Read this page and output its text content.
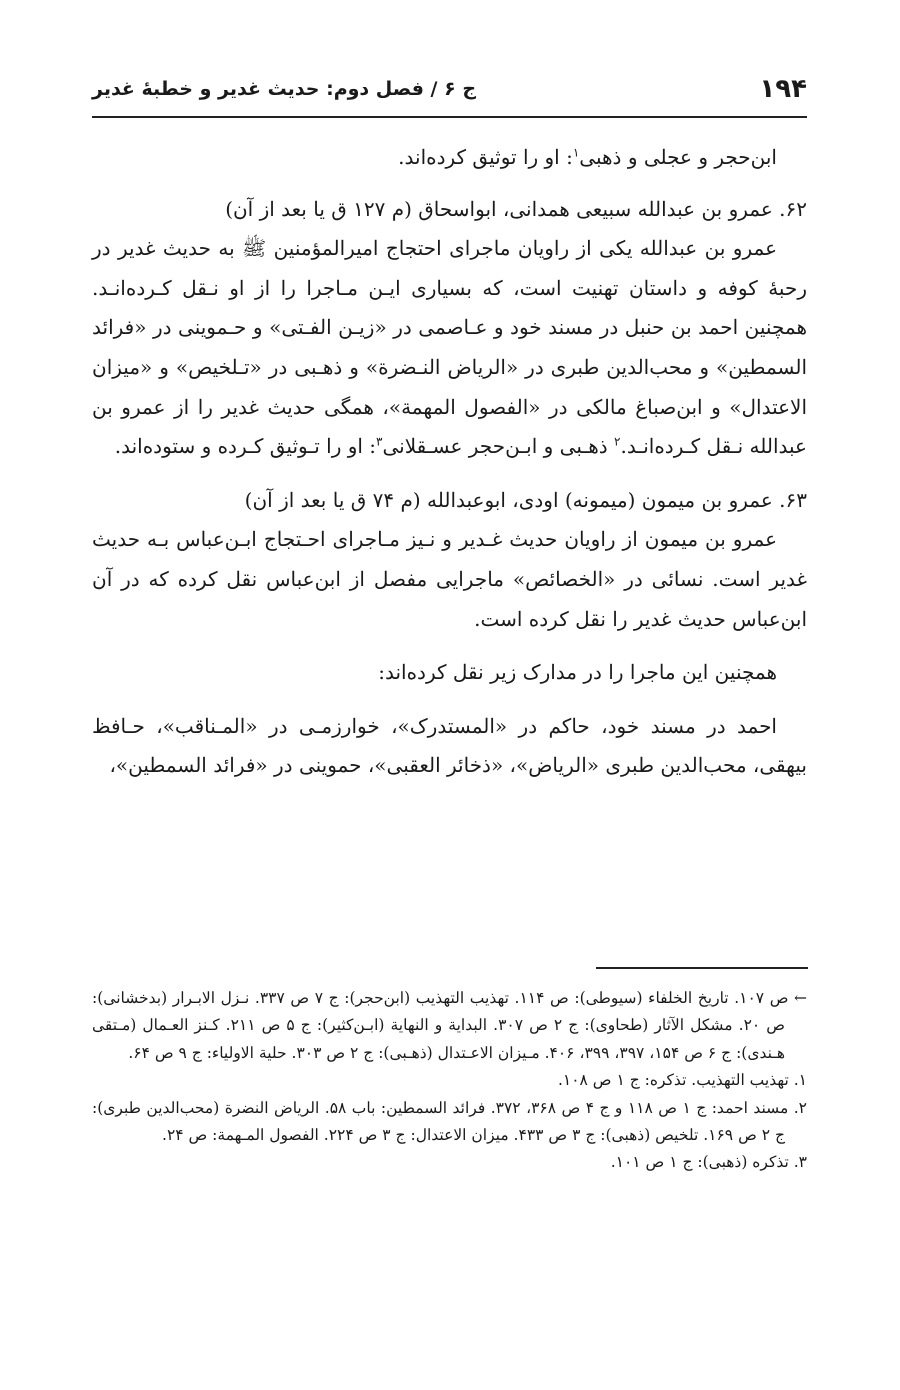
۱۹۴
ج ۶ / فصل دوم: حدیث غدیر و خطبهٔ غدیر

ابن‌حجر و عجلی و ذهبی$^۱$: او را توثیق کرده‌اند.

۶۲. عمرو بن عبدالله سبیعی همدانی، ابواسحاق (م ۱۲۷ ق یا بعد از آن)

عمرو بن عبدالله یکی از راویان ماجرای احتجاج امیرالمؤمنین ﷺ به حدیث غدیر در رحبهٔ کوفه و داستان تهنیت است، که بسیاری ایـن مـاجرا را از او نـقل کـرده‌انـد. همچنین احمد بن حنبل در مسند خود و عـاصمی در «زیـن الفـتی» و حـموینی در «فرائد السمطین» و محب‌الدین طبری در «الریاض النـضرة» و ذهـبی در «تـلخیص» و «میزان الاعتدال» و ابن‌صباغ مالکی در «الفصول المهمة»، همگی حدیث غدیر را از عمرو بن عبدالله نـقل کـرده‌انـد.$^۲$ ذهـبی و ابـن‌حجر عسـقلانی$^۳$: او را تـوثیق کـرده و ستوده‌اند.

۶۳. عمرو بن میمون (میمونه) اودی، ابوعبدالله (م ۷۴ ق یا بعد از آن)

عمرو بن میمون از راویان حدیث غـدیر و نـیز مـاجرای احـتجاج ابـن‌عباس بـه حدیث غدیر است. نسائی در «الخصائص» ماجرایی مفصل از ابن‌عباس نقل کرده که در آن ابن‌عباس حدیث غدیر را نقل کرده است.

همچنین این ماجرا را در مدارک زیر نقل کرده‌اند:

احمد در مسند خود، حاکم در «المستدرک»، خوارزمـی در «المـناقب»، حـافظ بیهقی، محب‌الدین طبری «الریاض»، «ذخائر العقبی»، حموینی در «فرائد السمطین»،

← ص ۱۰۷. تاریخ الخلفاء (سیوطی): ص ۱۱۴. تهذیب التهذیب (ابن‌حجر): ج ۷ ص ۳۳۷. نـزل الابـرار (بدخشانی): ص ۲۰. مشکل الآثار (طحاوی): ج ۲ ص ۳۰۷. البدایة و النهایة (ابـن‌کثیر): ج ۵ ص ۲۱۱. کـنز العـمال (مـتقی هـندی): ج ۶ ص ۱۵۴، ۳۹۷، ۳۹۹، ۴۰۶. مـیزان الاعـتدال (ذهـبی): ج ۲ ص ۳۰۳. حلیة الاولیاء: ج ۹ ص ۶۴.

۱. تهذیب التهذیب. تذکره: ج ۱ ص ۱۰۸.

۲. مسند احمد: ج ۱ ص ۱۱۸ و ج ۴ ص ۳۶۸، ۳۷۲. فرائد السمطین: باب ۵۸. الریاض النضرة (محب‌الدین طبری): ج ۲ ص ۱۶۹. تلخیص (ذهبی): ج ۳ ص ۴۳۳. میزان الاعتدال: ج ۳ ص ۲۲۴. الفصول المـهمة: ص ۲۴.

۳. تذکره (ذهبی): ج ۱ ص ۱۰۱.
